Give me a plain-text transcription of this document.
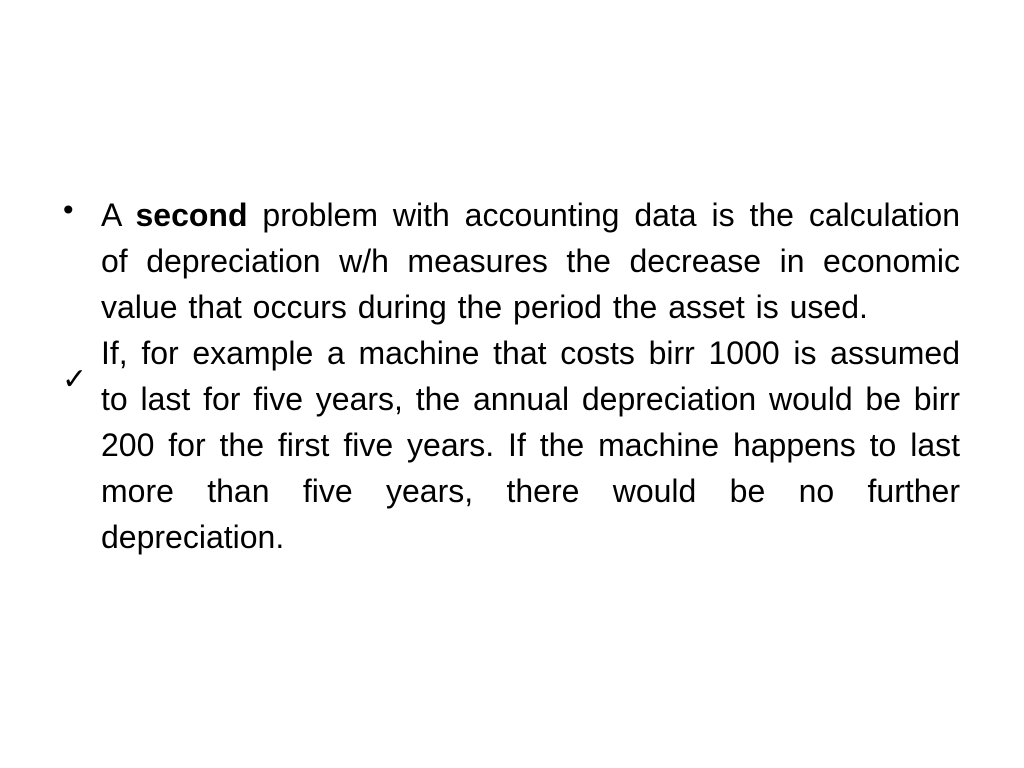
•
✓

A second problem with accounting data is the calculation of depreciation w/h measures the decrease in economic value that occurs during the period the asset is used.

If, for example a machine that costs birr 1000 is assumed to last for five years, the annual depreciation would be birr 200 for the first five years. If the machine happens to last more than five years, there would be no further depreciation.
